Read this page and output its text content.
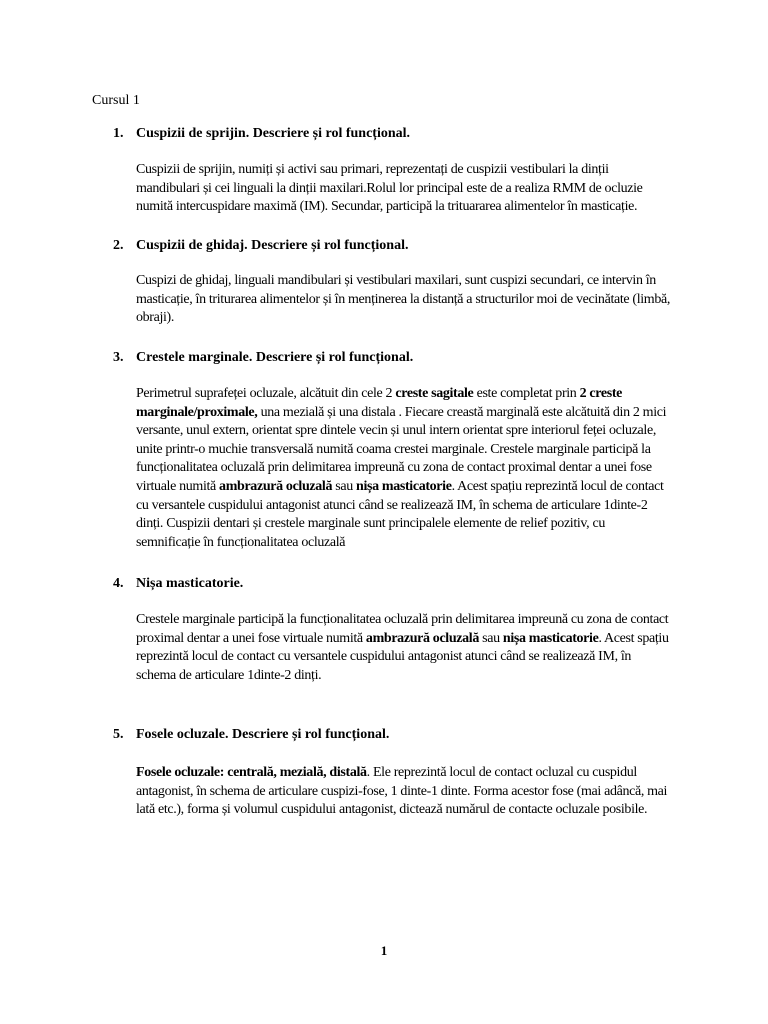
Cursul 1
1. Cuspizii de sprijin. Descriere și rol funcțional.
Cuspizii de sprijin, numiți și activi sau primari, reprezentați de cuspizii vestibulari la dinții mandibulari și cei linguali la dinții maxilari.Rolul lor principal este de a realiza RMM de ocluzie numită intercuspidare maximă (IM). Secundar, participă la trituararea alimentelor în masticație.
2. Cuspizii de ghidaj. Descriere și rol funcțional.
Cuspizi de ghidaj, linguali mandibulari și vestibulari maxilari, sunt cuspizi secundari, ce intervin în masticație, în triturarea alimentelor și în menținerea la distanță a structurilor moi de vecinătate (limbă, obraji).
3. Crestele marginale. Descriere și rol funcțional.
Perimetrul suprafeței ocluzale, alcătuit din cele 2 creste sagitale este completat prin 2 creste marginale/proximale, una mezială și una distala . Fiecare creastă marginală este alcătuită din 2 mici versante, unul extern, orientat spre dintele vecin și unul intern orientat spre interiorul feței ocluzale, unite printr-o muchie transversală numită coama crestei marginale. Crestele marginale participă la funcționalitatea ocluzală prin delimitarea impreună cu zona de contact proximal dentar a unei fose virtuale numită ambrazură ocluzală sau nișa masticatorie. Acest spațiu reprezintă locul de contact cu versantele cuspidului antagonist atunci când se realizează IM, în schema de articulare 1dinte-2 dinți. Cuspizii dentari și crestele marginale sunt principalele elemente de relief pozitiv, cu semnificație în funcționalitatea ocluzală
4. Nișa masticatorie.
Crestele marginale participă la funcționalitatea ocluzală prin delimitarea impreună cu zona de contact proximal dentar a unei fose virtuale numită ambrazură ocluzală sau nișa masticatorie. Acest spațiu reprezintă locul de contact cu versantele cuspidului antagonist atunci când se realizează IM, în schema de articulare 1dinte-2 dinți.
5. Fosele ocluzale. Descriere și rol funcțional.
Fosele ocluzale: centrală, mezială, distală. Ele reprezintă locul de contact ocluzal cu cuspidul antagonist, în schema de articulare cuspizi-fose, 1 dinte-1 dinte. Forma acestor fose (mai adâncă, mai lată etc.), forma și volumul cuspidului antagonist, dictează numărul de contacte ocluzale posibile.
1
